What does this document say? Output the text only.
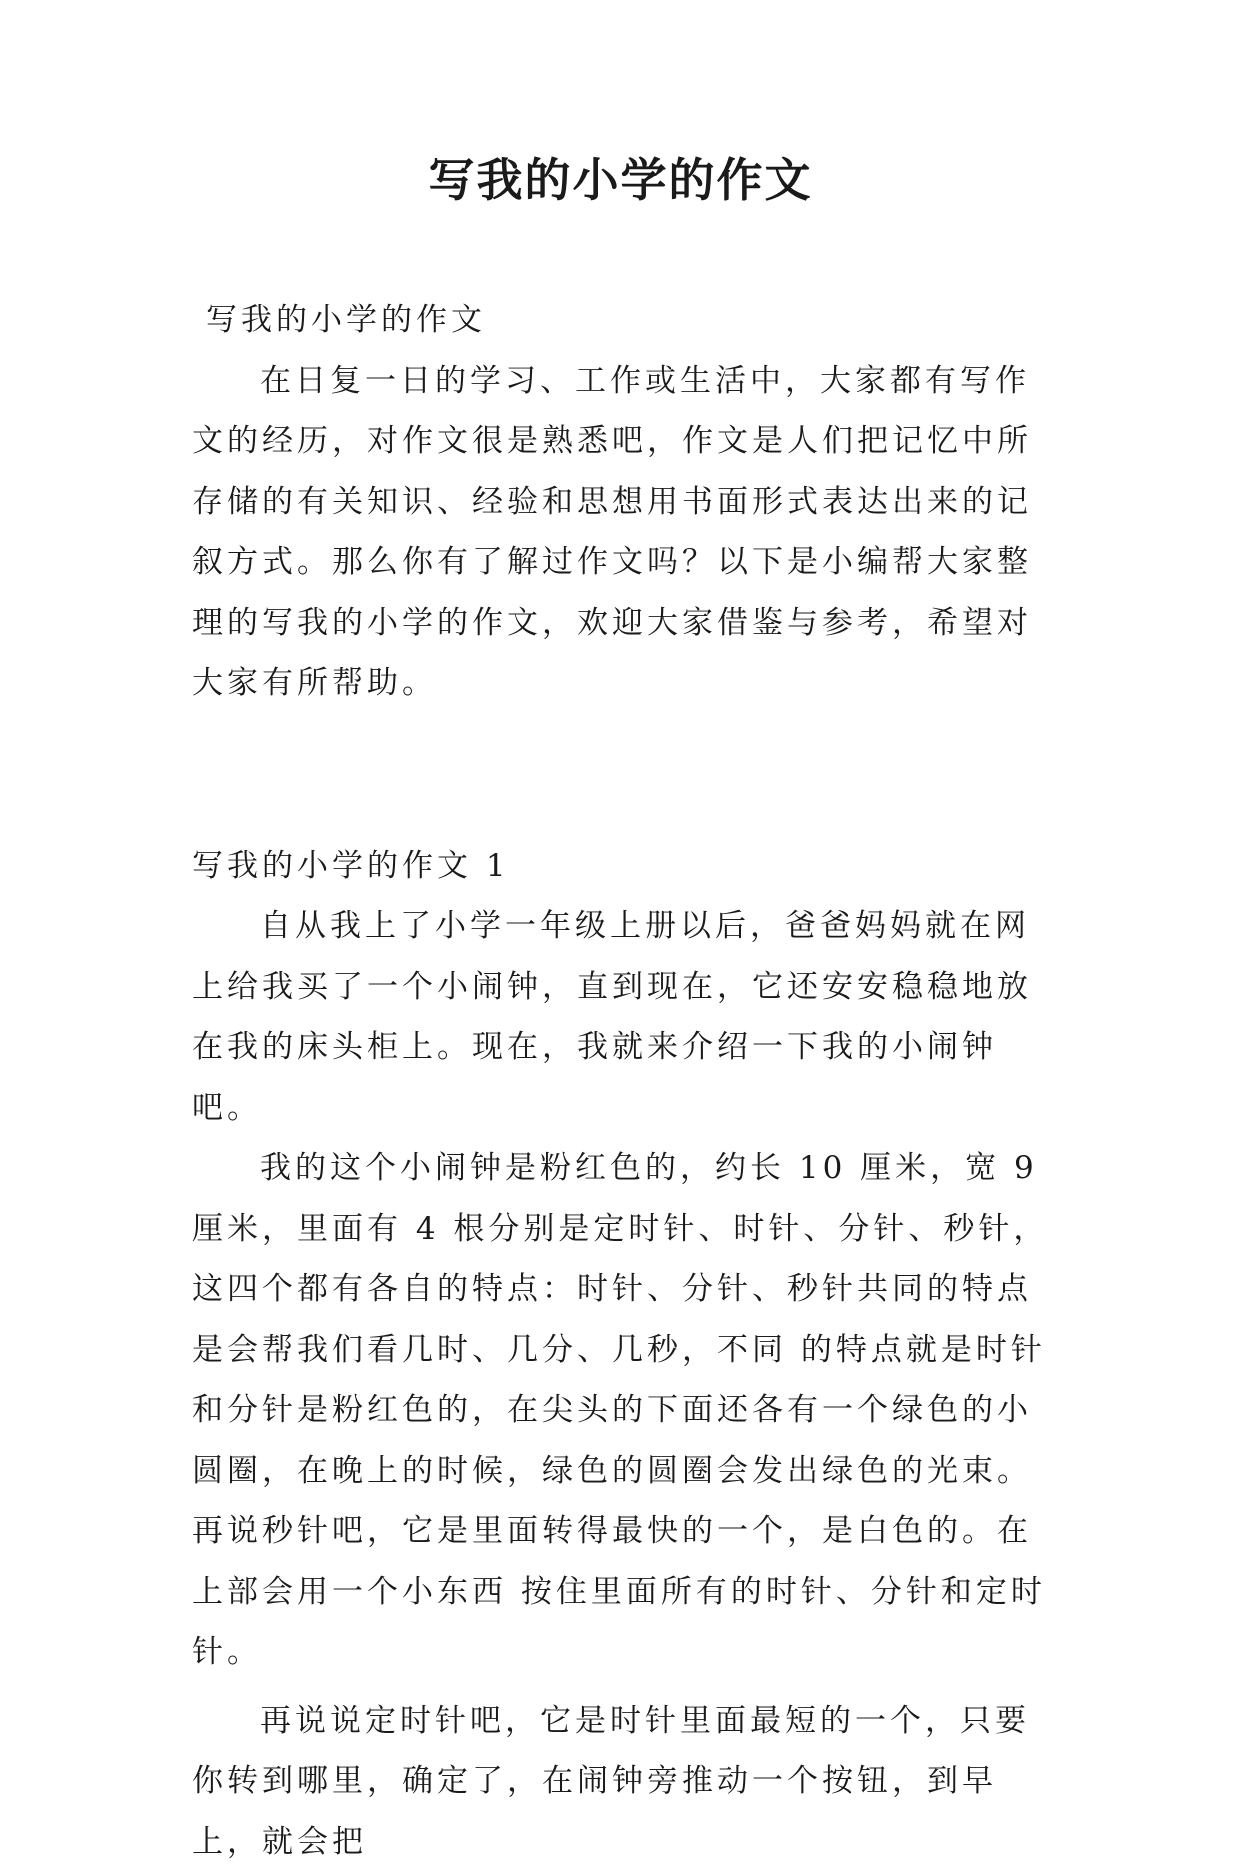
写我的小学的作文

写我的小学的作文

在日复一日的学习、工作或生活中，大家都有写作文的经历，对作文很是熟悉吧，作文是人们把记忆中所存储的有关知识、经验和思想用书面形式表达出来的记叙方式。那么你有了解过作文吗？以下是小编帮大家整理的写我的小学的作文，欢迎大家借鉴与参考，希望对大家有所帮助。

写我的小学的作文 1

自从我上了小学一年级上册以后，爸爸妈妈就在网上给我买了一个小闹钟，直到现在，它还安安稳稳地放在我的床头柜上。现在，我就来介绍一下我的小闹钟吧。

我的这个小闹钟是粉红色的，约长 10 厘米，宽 9 厘米，里面有 4 根分别是定时针、时针、分针、秒针，这四个都有各自的特点：时针、分针、秒针共同的特点是会帮我们看几时、几分、几秒，不同 的特点就是时针和分针是粉红色的，在尖头的下面还各有一个绿色的小圆圈，在晚上的时候，绿色的圆圈会发出绿色的光束。再说秒针吧，它是里面转得最快的一个，是白色的。在上部会用一个小东西 按住里面所有的时针、分针和定时针。

再说说定时针吧，它是时针里面最短的一个，只要你转到哪里，确定了，在闹钟旁推动一个按钮，到早上，就会把
